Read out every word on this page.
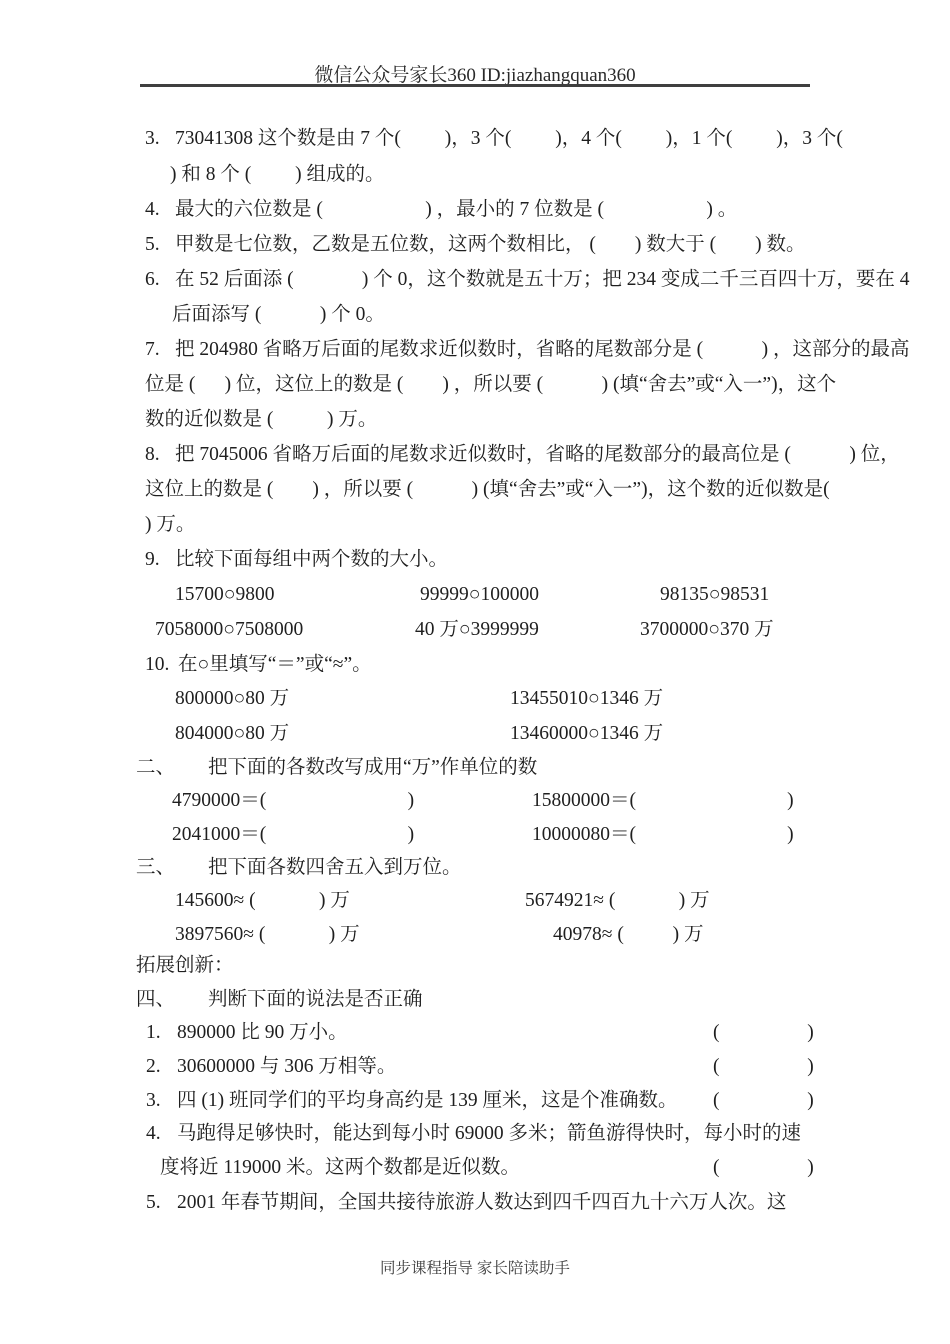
微信公众号家长360 ID:jiazhangquan360
3. 73041308 这个数是由 7 个(         )，3 个(         )，4 个(         )，1 个(         )，3 个(
) 和 8 个 (         ) 组成的。
4. 最大的六位数是 (                     ) ，最小的 7 位数是 (                     ) 。
5. 甲数是七位数，乙数是五位数，这两个数相比， (        ) 数大于 (        ) 数。
6. 在 52 后面添 (              ) 个 0，这个数就是五十万；把 234 变成二千三百四十万，要在 4
后面添写 (            ) 个 0。
7. 把 204980 省略万后面的尾数求近似数时，省略的尾数部分是 (            ) ，这部分的最高
位是 (      ) 位，这位上的数是 (        ) ，所以要 (            ) (填“舍去”或“入一”)，这个
数的近似数是 (           ) 万。
8. 把 7045006 省略万后面的尾数求近似数时，省略的尾数部分的最高位是 (            ) 位，
这位上的数是 (        ) ，所以要 (            ) (填“舍去”或“入一”)，这个数的近似数是(
) 万。
9. 比较下面每组中两个数的大小。
15700○9800	99999○100000	98135○98531
7058000○7508000	40 万○3999999	3700000○370 万
10. 在○里填写“＝”或“≈”。
800000○80 万	13455010○1346 万
804000○80 万	13460000○1346 万
二、 把下面的各数改写成用“万”作单位的数
4790000＝(                             )	15800000＝(                               )
2041000＝(                             )	10000080＝(                               )
三、 把下面各数四舍五入到万位。
145600≈ (             ) 万	5674921≈ (             ) 万
3897560≈ (             ) 万	40978≈ (          ) 万
拓展创新：
四、 判断下面的说法是否正确
1. 890000 比 90 万小。	(                  )
2. 30600000 与 306 万相等。	(                  )
3. 四 (1) 班同学们的平均身高约是 139 厘米，这是个准确数。 (                  )
4. 马跑得足够快时，能达到每小时 69000 多米；箭鱼游得快时，每小时的速
度将近 119000 米。这两个数都是近似数。	(                  )
5. 2001 年春节期间，全国共接待旅游人数达到四千四百九十六万人次。这
同步课程指导 家长陪读助手
